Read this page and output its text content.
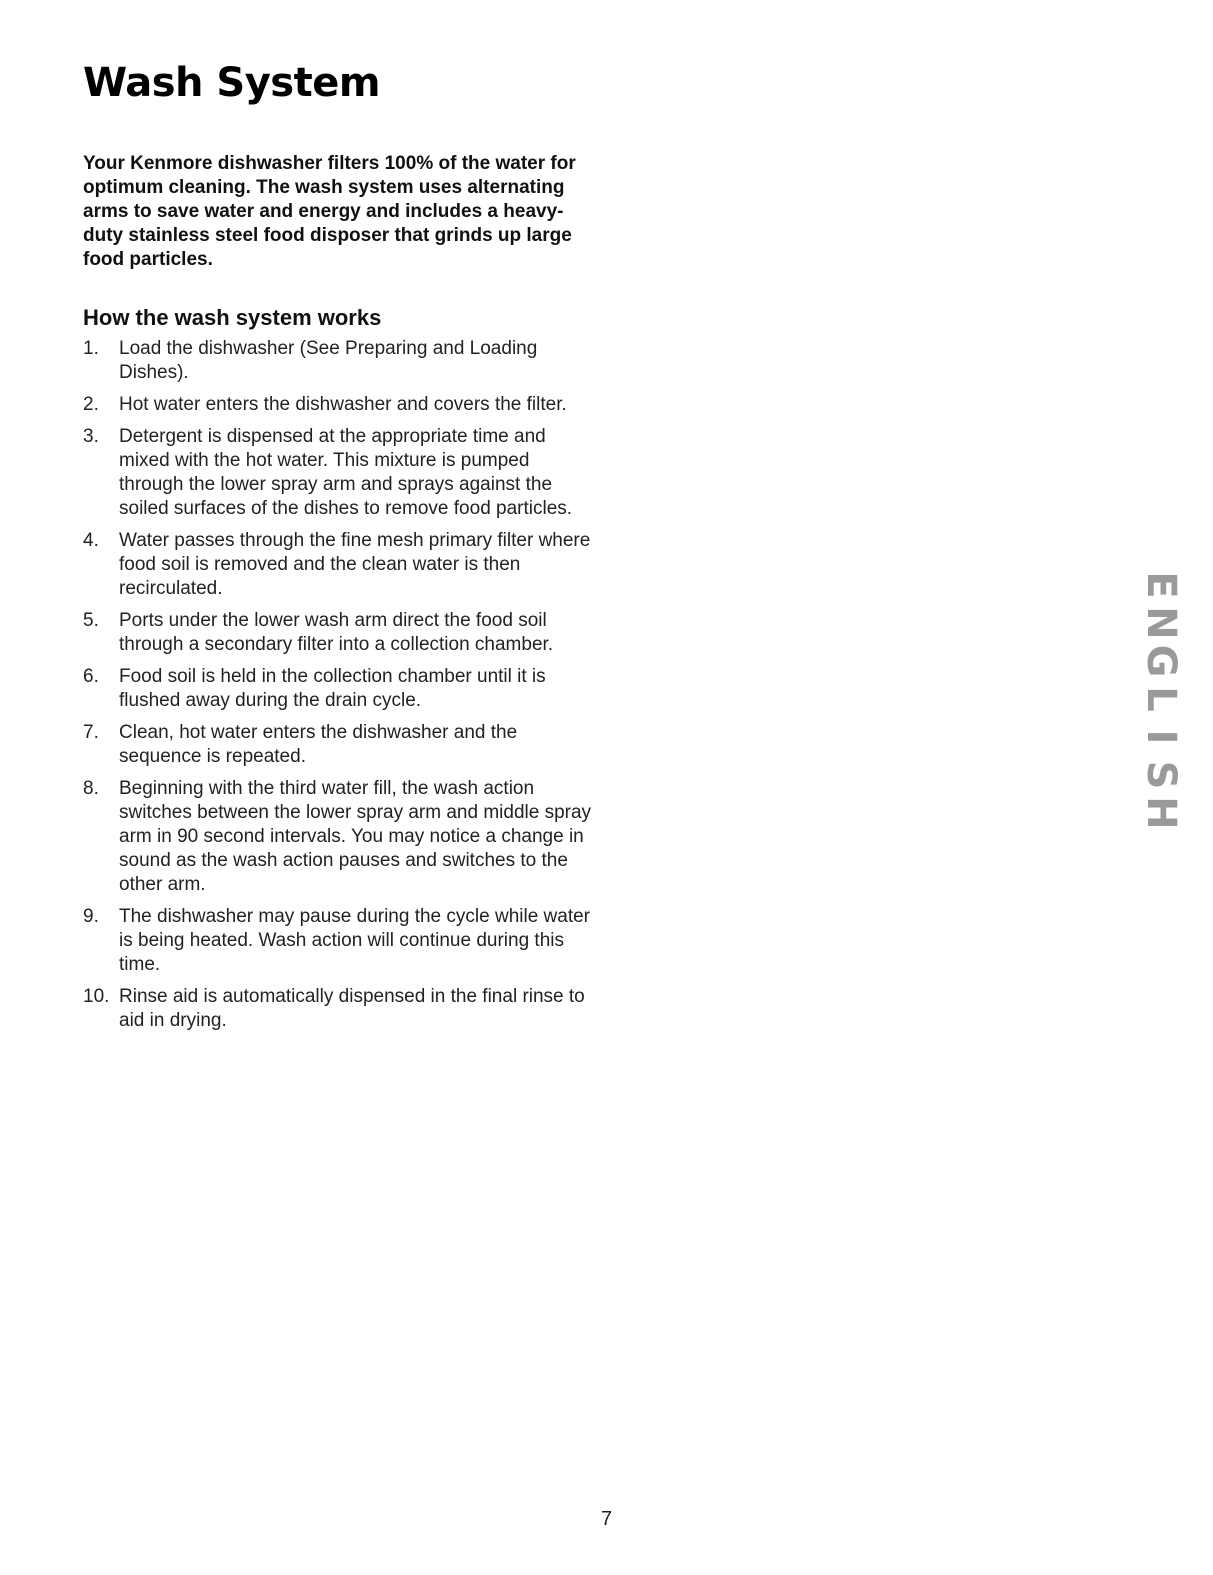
Wash System

Your Kenmore dishwasher filters 100% of the water for optimum cleaning. The wash system uses alternating arms to save water and energy and includes a heavy-duty stainless steel food disposer that grinds up large food particles.

How the wash system works
1.	Load the dishwasher (See Preparing and Loading Dishes).
2.	Hot water enters the dishwasher and covers the filter.
3.	Detergent is dispensed at the appropriate time and mixed with the hot water. This mixture is pumped through the lower spray arm and sprays against the soiled surfaces of the dishes to remove food particles.
4.	Water passes through the fine mesh primary filter where food soil is removed and the clean water is then recirculated.
5.	Ports under the lower wash arm direct the food soil through a secondary filter into a collection chamber.
6.	Food soil is held in the collection chamber until it is flushed away during the drain cycle.
7.	Clean, hot water enters the dishwasher and the sequence is repeated.
8.	Beginning with the third water fill, the wash action switches between the lower spray arm and middle spray arm in 90 second intervals. You may notice a change in sound as the wash action pauses and switches to the other arm.
9.	The dishwasher may pause during the cycle while water is being heated. Wash action will continue during this time.
10. Rinse aid is automatically dispensed in the final rinse to aid in drying.
E
N
G
L
I
S
H
7
